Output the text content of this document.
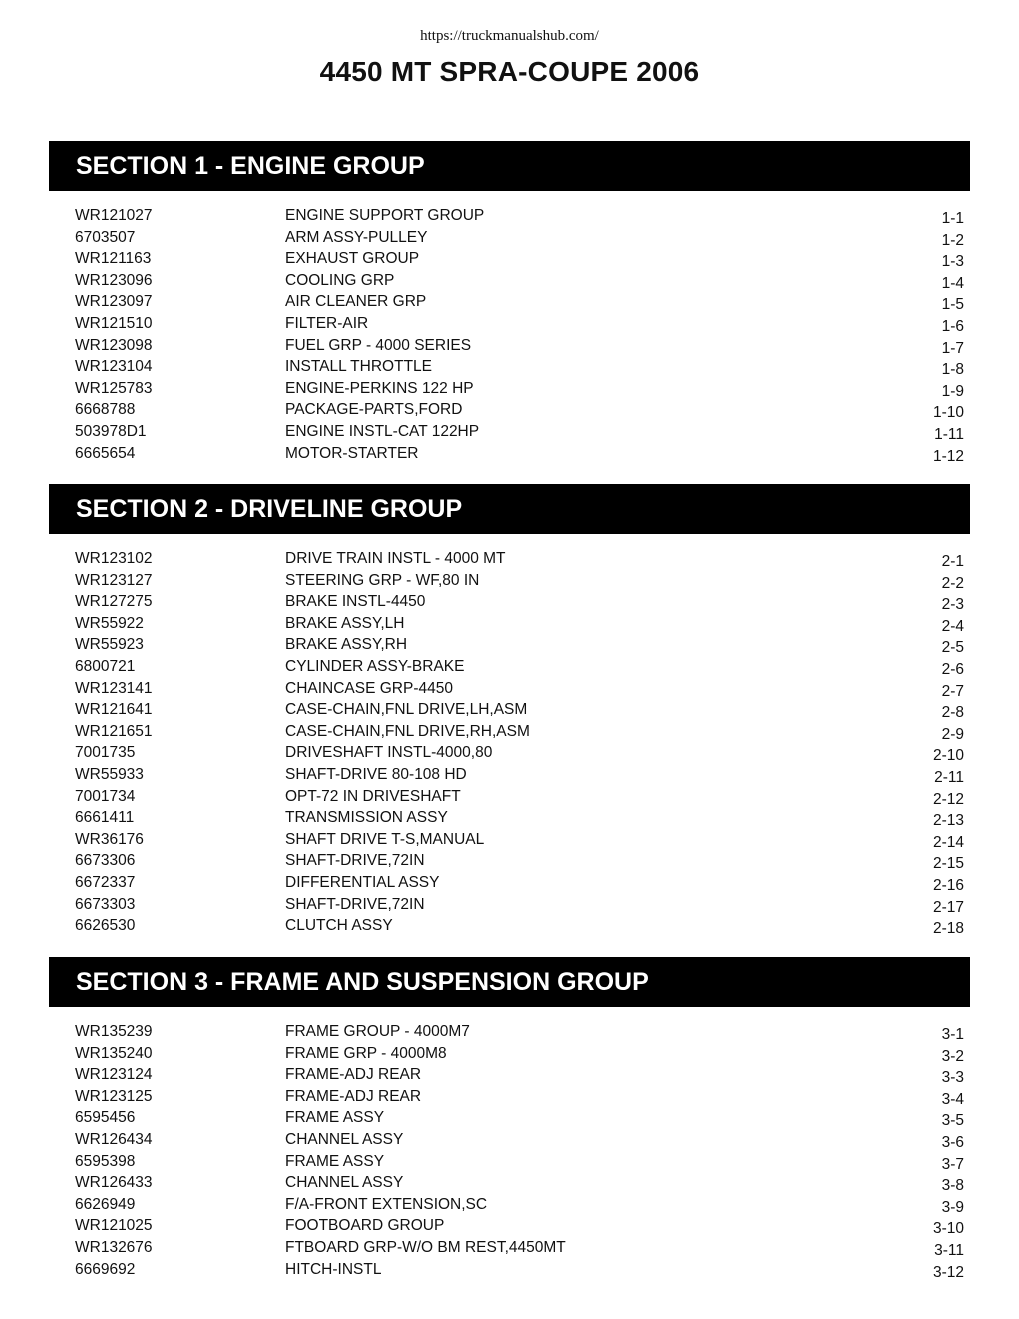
https://truckmanualshub.com/
4450 MT SPRA-COUPE 2006
SECTION 1 - ENGINE GROUP
WR121027	ENGINE SUPPORT GROUP	1-1
6703507	ARM ASSY-PULLEY	1-2
WR121163	EXHAUST GROUP	1-3
WR123096	COOLING GRP	1-4
WR123097	AIR CLEANER GRP	1-5
WR121510	FILTER-AIR	1-6
WR123098	FUEL GRP - 4000 SERIES	1-7
WR123104	INSTALL THROTTLE	1-8
WR125783	ENGINE-PERKINS 122 HP	1-9
6668788	PACKAGE-PARTS,FORD	1-10
503978D1	ENGINE INSTL-CAT 122HP	1-11
6665654	MOTOR-STARTER	1-12
SECTION 2 - DRIVELINE GROUP
WR123102	DRIVE TRAIN INSTL - 4000 MT	2-1
WR123127	STEERING GRP - WF,80 IN	2-2
WR127275	BRAKE INSTL-4450	2-3
WR55922	BRAKE ASSY,LH	2-4
WR55923	BRAKE ASSY,RH	2-5
6800721	CYLINDER ASSY-BRAKE	2-6
WR123141	CHAINCASE GRP-4450	2-7
WR121641	CASE-CHAIN,FNL DRIVE,LH,ASM	2-8
WR121651	CASE-CHAIN,FNL DRIVE,RH,ASM	2-9
7001735	DRIVESHAFT INSTL-4000,80	2-10
WR55933	SHAFT-DRIVE 80-108 HD	2-11
7001734	OPT-72 IN DRIVESHAFT	2-12
6661411	TRANSMISSION ASSY	2-13
WR36176	SHAFT DRIVE T-S,MANUAL	2-14
6673306	SHAFT-DRIVE,72IN	2-15
6672337	DIFFERENTIAL ASSY	2-16
6673303	SHAFT-DRIVE,72IN	2-17
6626530	CLUTCH ASSY	2-18
SECTION 3 - FRAME AND SUSPENSION GROUP
WR135239	FRAME GROUP - 4000M7	3-1
WR135240	FRAME GRP - 4000M8	3-2
WR123124	FRAME-ADJ REAR	3-3
WR123125	FRAME-ADJ REAR	3-4
6595456	FRAME ASSY	3-5
WR126434	CHANNEL ASSY	3-6
6595398	FRAME ASSY	3-7
WR126433	CHANNEL ASSY	3-8
6626949	F/A-FRONT EXTENSION,SC	3-9
WR121025	FOOTBOARD GROUP	3-10
WR132676	FTBOARD GRP-W/O BM REST,4450MT	3-11
6669692	HITCH-INSTL	3-12
